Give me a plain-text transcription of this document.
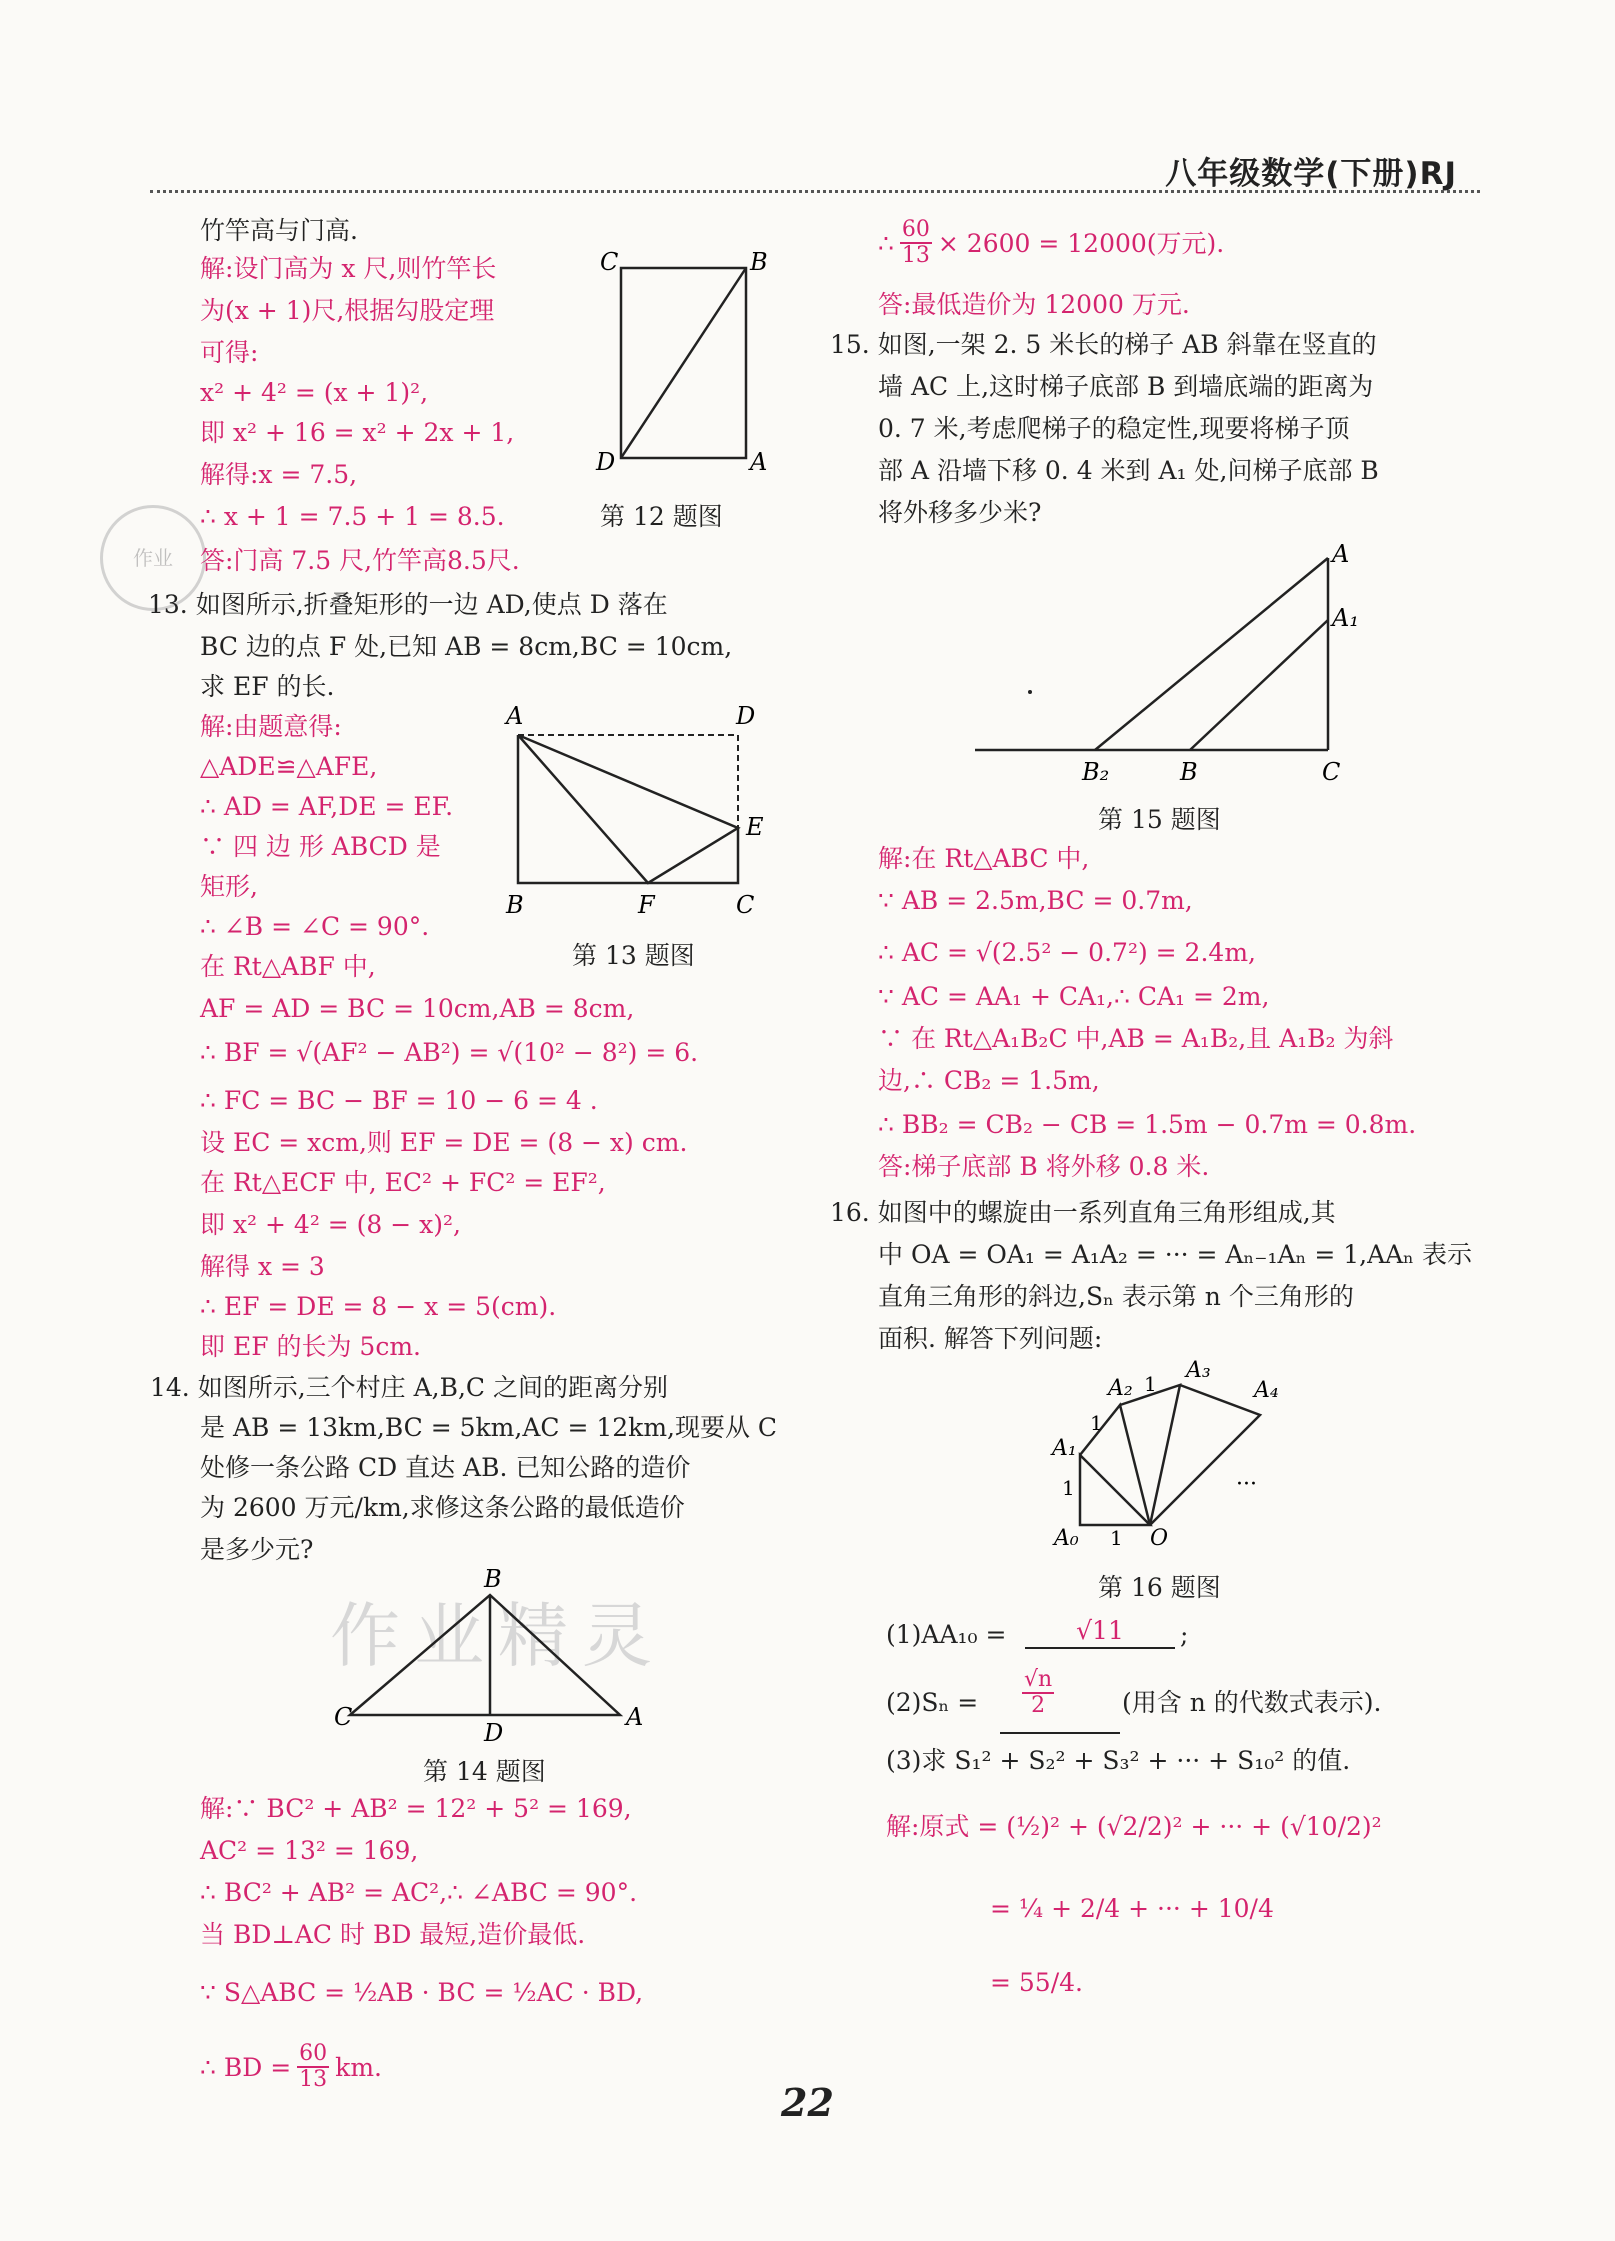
八年级数学(下册)RJ
作业
作业精灵
竹竿高与门高.
解:设门高为 x 尺,则竹竿长
为(x + 1)尺,根据勾股定理
可得:
x² + 4² = (x + 1)²,
即 x² + 16 = x² + 2x + 1,
解得:x = 7.5,
∴ x + 1 = 7.5 + 1 = 8.5.
答:门高 7.5 尺,竹竿高8.5尺.
C	B
D	A
第 12 题图
13. 如图所示,折叠矩形的一边 AD,使点 D 落在
BC 边的点 F 处,已知 AB = 8cm,BC = 10cm,
求 EF 的长.
解:由题意得:
△ADE≌△AFE,
∴ AD = AF,DE = EF.
∵ 四 边 形 ABCD 是
矩形,
∴ ∠B = ∠C = 90°.
在 Rt△ABF 中,
AF = AD = BC = 10cm,AB = 8cm,
∴ BF = √(AF² − AB²) = √(10² − 8²) = 6.
∴ FC = BC − BF = 10 − 6 = 4 .
设 EC = xcm,则 EF = DE = (8 − x) cm.
在 Rt△ECF 中, EC² + FC² = EF²,
即 x² + 4² = (8 − x)²,
解得 x = 3
∴ EF = DE = 8 − x = 5(cm).
即 EF 的长为 5cm.
A	D
E
B	F	C
第 13 题图
14. 如图所示,三个村庄 A,B,C 之间的距离分别
是 AB = 13km,BC = 5km,AC = 12km,现要从 C
处修一条公路 CD 直达 AB. 已知公路的造价
为 2600 万元/km,求修这条公路的最低造价
是多少元?
B
C
D
A
第 14 题图
解:∵ BC² + AB² = 12² + 5² = 169,
AC² = 13² = 169,
∴ BC² + AB² = AC²,∴ ∠ABC = 90°.
当 BD⊥AC 时 BD 最短,造价最低.
∵ S△ABC = ½AB · BC = ½AC · BD,
∴ BD = $\frac{60}{13}$ km.
∴ $\frac{60}{13} \times 2600 = 12000$(万元).
答:最低造价为 12000 万元.
15. 如图,一架 2. 5 米长的梯子 AB 斜靠在竖直的
墙 AC 上,这时梯子底部 B 到墙底端的距离为
0. 7 米,考虑爬梯子的稳定性,现要将梯子顶
部 A 沿墙下移 0. 4 米到 A₁ 处,问梯子底部 B
将外移多少米?
A
A₁
B₂	B	C
第 15 题图
解:在 Rt△ABC 中,
∵ AB = 2.5m,BC = 0.7m,
∴ AC = √(2.5² − 0.7²) = 2.4m,
∵ AC = AA₁ + CA₁,∴ CA₁ = 2m,
∵ 在 Rt△A₁B₂C 中,AB = A₁B₂,且 A₁B₂ 为斜
边,∴ CB₂ = 1.5m,
∴ BB₂ = CB₂ − CB = 1.5m − 0.7m = 0.8m.
答:梯子底部 B 将外移 0.8 米.
16. 如图中的螺旋由一系列直角三角形组成,其
中 OA = OA₁ = A₁A₂ = ··· = Aₙ₋₁Aₙ = 1,AAₙ 表示
直角三角形的斜边,Sₙ 表示第 n 个三角形的
面积. 解答下列问题:
A₂
A₃
A₄
A₁
A₀	O
1
1
1
1
···
第 16 题图
(1)AA₁₀ =	√11	;
$(2)S_n = \frac{√n}{2}$	(用含 n 的代数式表示).
(3)求 S₁² + S₂² + S₃² + ··· + S₁₀² 的值.
解:原式 = (½)² + (√2/2)² + ··· + (√10/2)²
= ¼ + 2/4 + ··· + 10/4
= 55/4.
22
